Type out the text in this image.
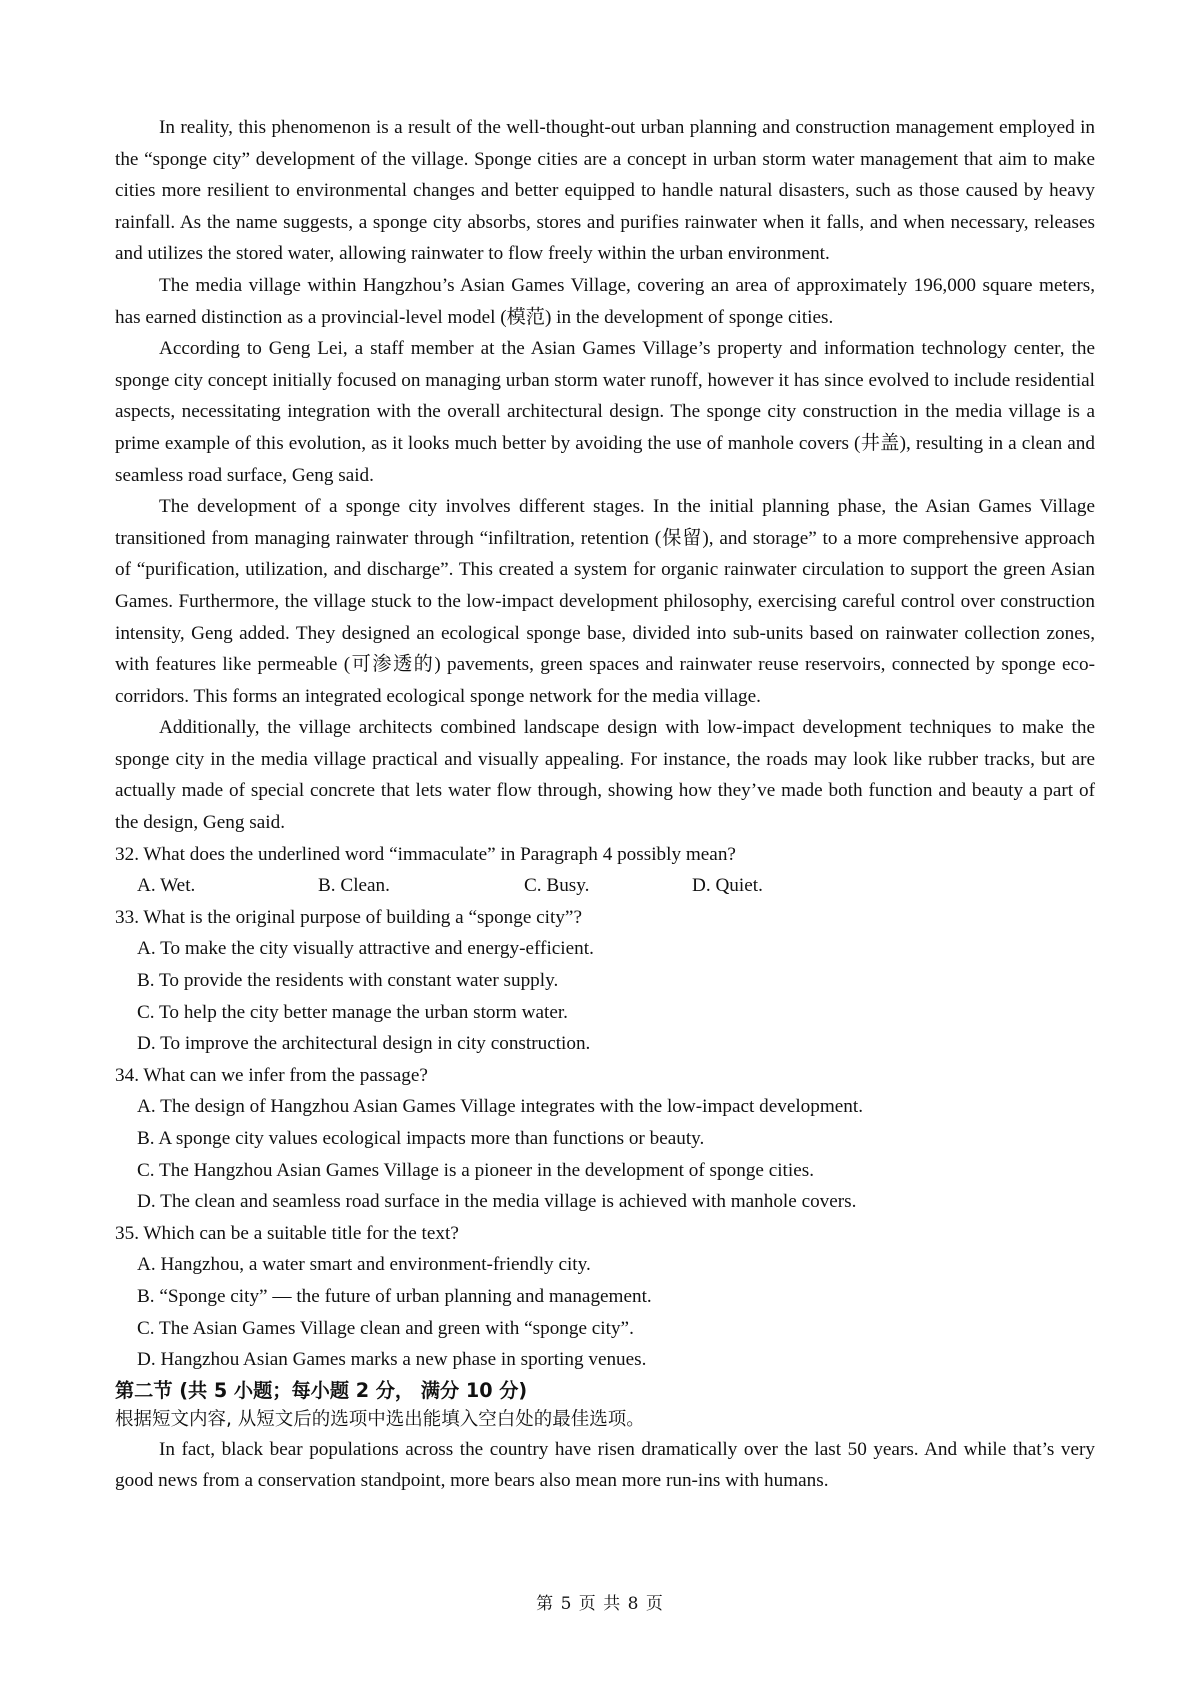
In reality, this phenomenon is a result of the well-thought-out urban planning and construction management employed in the “sponge city” development of the village. Sponge cities are a concept in urban storm water management that aim to make cities more resilient to environmental changes and better equipped to handle natural disasters, such as those caused by heavy rainfall. As the name suggests, a sponge city absorbs, stores and purifies rainwater when it falls, and when necessary, releases and utilizes the stored water, allowing rainwater to flow freely within the urban environment.

The media village within Hangzhou’s Asian Games Village, covering an area of approximately 196,000 square meters, has earned distinction as a provincial-level model (模范) in the development of sponge cities.

According to Geng Lei, a staff member at the Asian Games Village’s property and information technology center, the sponge city concept initially focused on managing urban storm water runoff, however it has since evolved to include residential aspects, necessitating integration with the overall architectural design. The sponge city construction in the media village is a prime example of this evolution, as it looks much better by avoiding the use of manhole covers (井盖), resulting in a clean and seamless road surface, Geng said.

The development of a sponge city involves different stages. In the initial planning phase, the Asian Games Village transitioned from managing rainwater through “infiltration, retention (保留), and storage” to a more comprehensive approach of “purification, utilization, and discharge”. This created a system for organic rainwater circulation to support the green Asian Games. Furthermore, the village stuck to the low-impact development philosophy, exercising careful control over construction intensity, Geng added. They designed an ecological sponge base, divided into sub-units based on rainwater collection zones, with features like permeable (可渗透的) pavements, green spaces and rainwater reuse reservoirs, connected by sponge eco-corridors. This forms an integrated ecological sponge network for the media village.

Additionally, the village architects combined landscape design with low-impact development techniques to make the sponge city in the media village practical and visually appealing. For instance, the roads may look like rubber tracks, but are actually made of special concrete that lets water flow through, showing how they’ve made both function and beauty a part of the design, Geng said.

32. What does the underlined word “immaculate” in Paragraph 4 possibly mean?

A. Wet.	B. Clean.	C. Busy.	D. Quiet.

33. What is the original purpose of building a “sponge city”?

A. To make the city visually attractive and energy-efficient.

B. To provide the residents with constant water supply.

C. To help the city better manage the urban storm water.

D. To improve the architectural design in city construction.

34. What can we infer from the passage?

A. The design of Hangzhou Asian Games Village integrates with the low-impact development.

B. A sponge city values ecological impacts more than functions or beauty.

C. The Hangzhou Asian Games Village is a pioneer in the development of sponge cities.

D. The clean and seamless road surface in the media village is achieved with manhole covers.

35. Which can be a suitable title for the text?

A. Hangzhou, a water smart and environment-friendly city.

B. “Sponge city” — the future of urban planning and management.

C. The Asian Games Village clean and green with “sponge city”.

D. Hangzhou Asian Games marks a new phase in sporting venues.

第二节 (共 5 小题；每小题 2 分， 满分 10 分)

根据短文内容, 从短文后的选项中选出能填入空白处的最佳选项。

In fact, black bear populations across the country have risen dramatically over the last 50 years. And while that’s very good news from a conservation standpoint, more bears also mean more run-ins with humans.

第 5 页 共 8 页
